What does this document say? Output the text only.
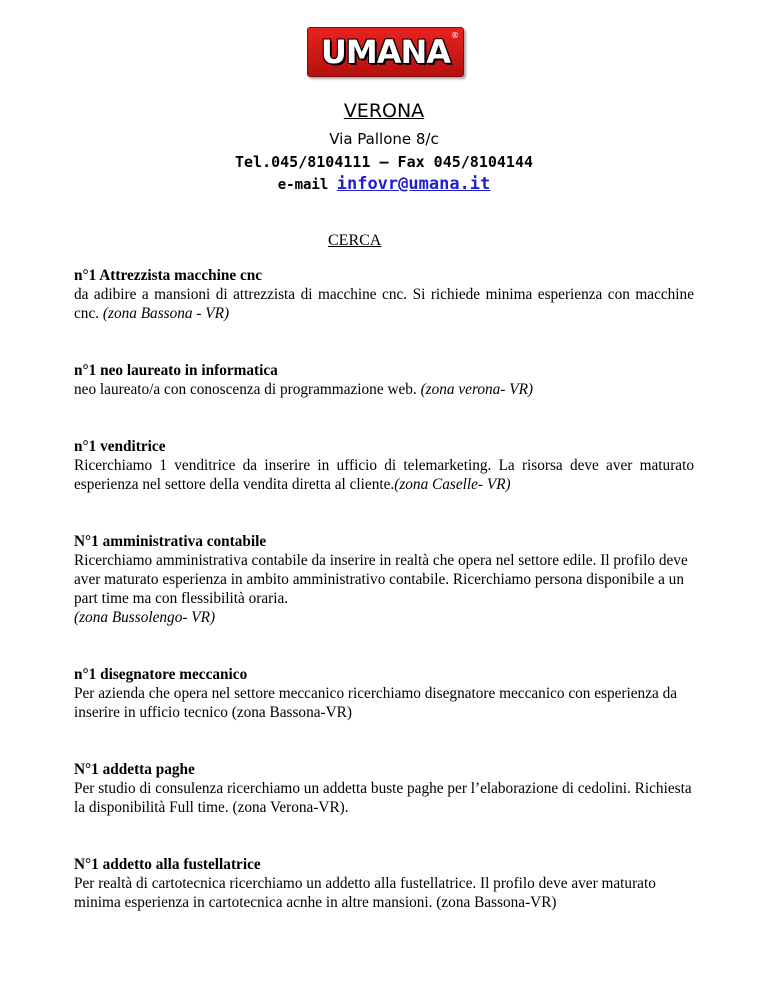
UMANA ®
VERONA
Via Pallone 8/c
Tel.045/8104111 – Fax 045/8104144
e-mail infovr@umana.it
CERCA
n°1 Attrezzista macchine cnc
da adibire a mansioni di attrezzista di macchine cnc. Si richiede minima esperienza con macchine cnc. (zona Bassona - VR)
n°1 neo laureato in informatica
neo laureato/a con conoscenza di programmazione web. (zona verona- VR)
n°1 venditrice
Ricerchiamo 1 venditrice da inserire in ufficio di telemarketing. La risorsa deve aver maturato esperienza nel settore della vendita diretta al cliente.(zona Caselle- VR)
N°1 amministrativa contabile
Ricerchiamo amministrativa contabile da inserire in realtà che opera nel settore edile. Il profilo deve aver maturato esperienza in ambito amministrativo contabile. Ricerchiamo persona disponibile a un part time ma con flessibilità oraria.
(zona Bussolengo- VR)
n°1 disegnatore meccanico
Per azienda che opera nel settore meccanico ricerchiamo disegnatore meccanico con esperienza da inserire in ufficio tecnico (zona Bassona-VR)
N°1 addetta paghe
Per studio di consulenza ricerchiamo un addetta buste paghe per l’elaborazione di cedolini. Richiesta la disponibilità Full time. (zona Verona-VR).
N°1 addetto alla fustellatrice
Per realtà di cartotecnica ricerchiamo un addetto alla fustellatrice. Il profilo deve aver maturato minima esperienza in cartotecnica acnhe in altre mansioni. (zona Bassona-VR)
